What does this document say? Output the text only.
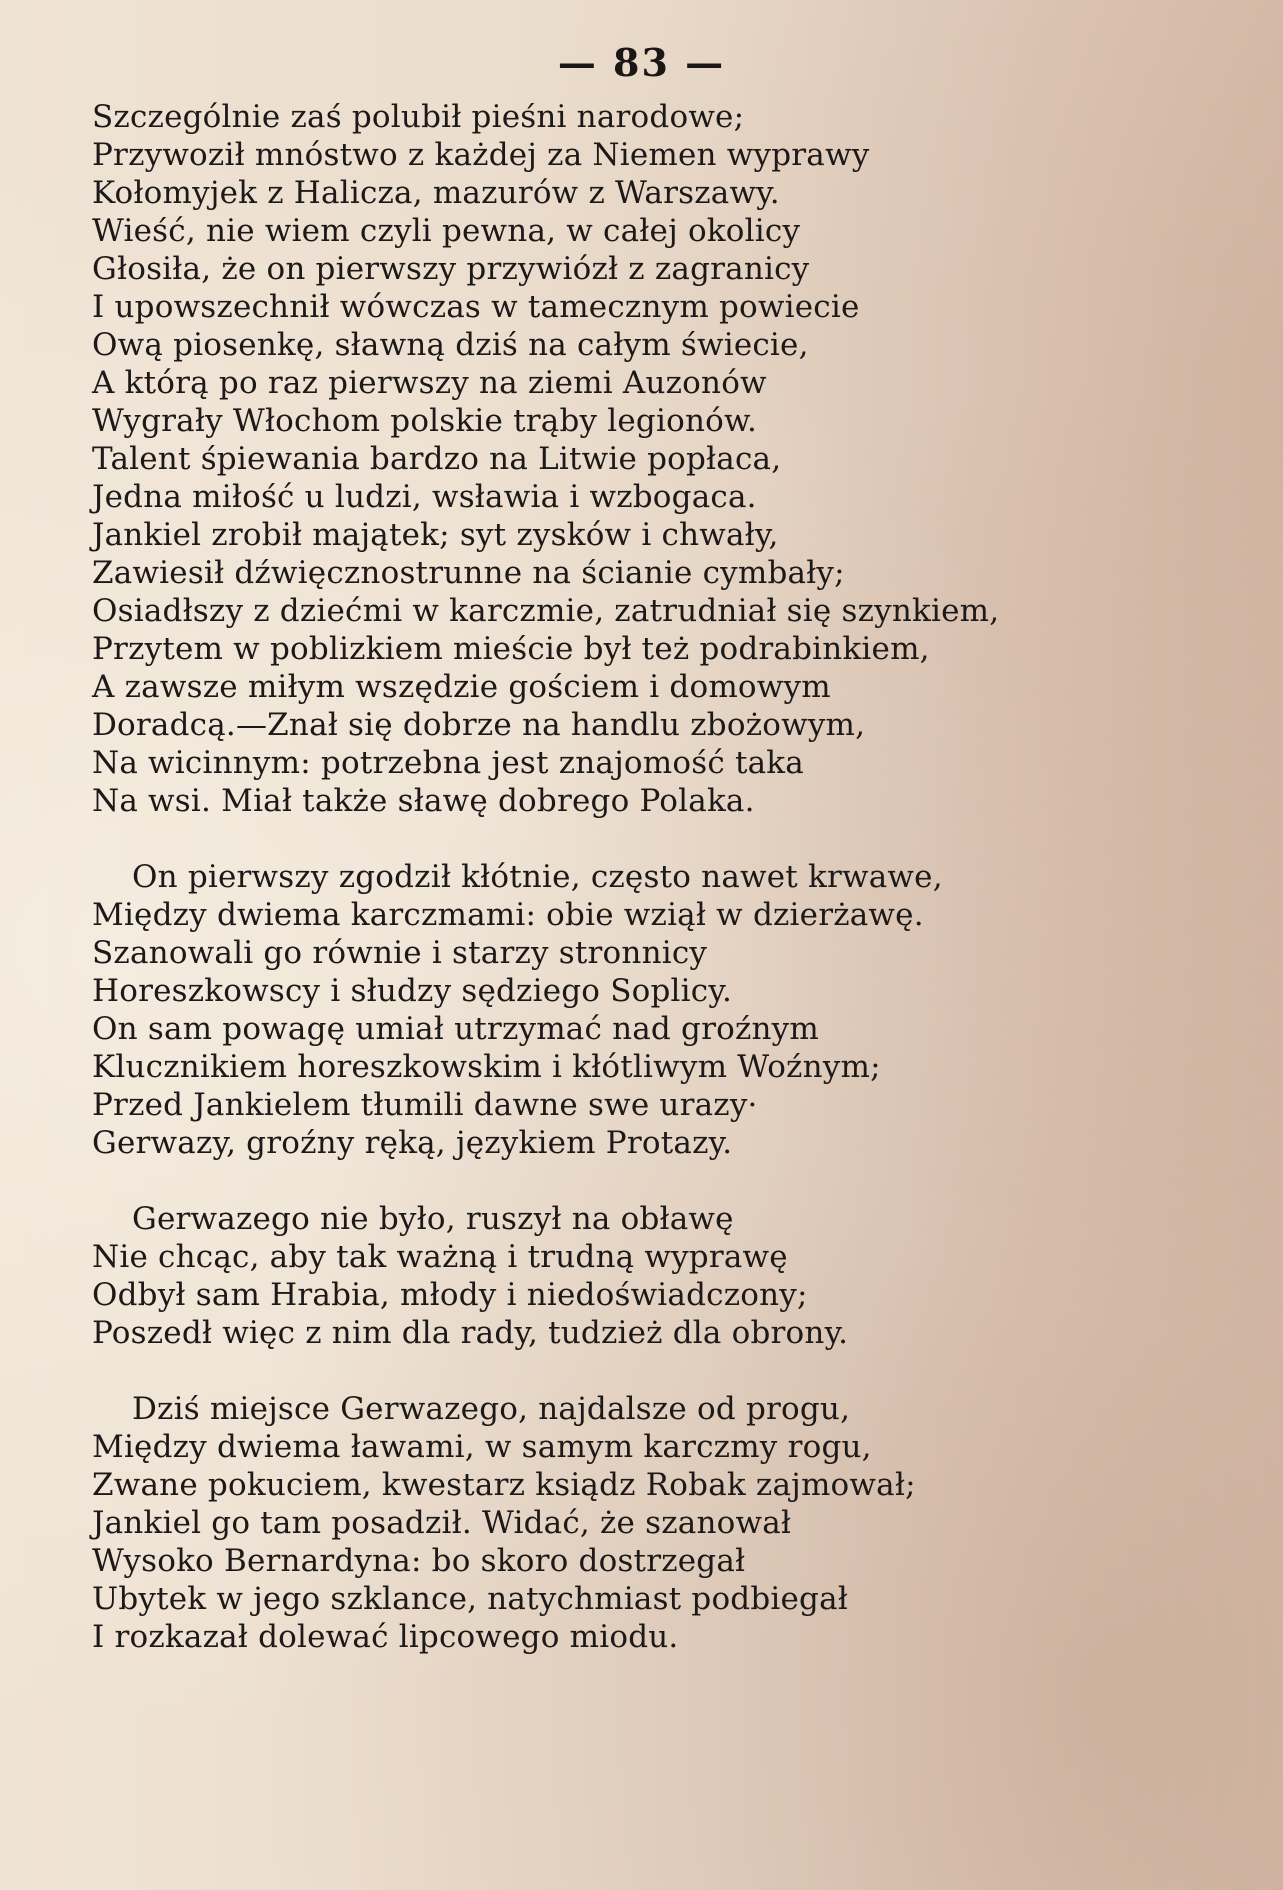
— 83 —
Szczególnie zaś polubił pieśni narodowe;
Przywoził mnóstwo z każdej za Niemen wyprawy
Kołomyjek z Halicza, mazurów z Warszawy.
Wieść, nie wiem czyli pewna, w całej okolicy
Głosiła, że on pierwszy przywiózł z zagranicy
I upowszechnił wówczas w tamecznym powiecie
Ową piosenkę, sławną dziś na całym świecie,
A którą po raz pierwszy na ziemi Auzonów
Wygrały Włochom polskie trąby legionów.
Talent śpiewania bardzo na Litwie popłaca,
Jedna miłość u ludzi, wsławia i wzbogaca.
Jankiel zrobił majątek; syt zysków i chwały,
Zawiesił dźwięcznostrunne na ścianie cymbały;
Osiadłszy z dziećmi w karczmie, zatrudniał się szynkiem,
Przytem w poblizkiem mieście był też podrabinkiem,
A zawsze miłym wszędzie gościem i domowym
Doradcą.—Znał się dobrze na handlu zbożowym,
Na wicinnym: potrzebna jest znajomość taka
Na wsi. Miał także sławę dobrego Polaka.
On pierwszy zgodził kłótnie, często nawet krwawe,
Między dwiema karczmami: obie wziął w dzierżawę.
Szanowali go równie i starzy stronnicy
Horeszkowscy i słudzy sędziego Soplicy.
On sam powagę umiał utrzymać nad groźnym
Klucznikiem horeszkowskim i kłótliwym Woźnym;
Przed Jankielem tłumili dawne swe urazy·
Gerwazy, groźny ręką, językiem Protazy.
Gerwazego nie było, ruszył na obławę
Nie chcąc, aby tak ważną i trudną wyprawę
Odbył sam Hrabia, młody i niedoświadczony;
Poszedł więc z nim dla rady, tudzież dla obrony.
Dziś miejsce Gerwazego, najdalsze od progu,
Między dwiema ławami, w samym karczmy rogu,
Zwane pokuciem, kwestarz ksiądz Robak zajmował;
Jankiel go tam posadził. Widać, że szanował
Wysoko Bernardyna: bo skoro dostrzegał
Ubytek w jego szklance, natychmiast podbiegał
I rozkazał dolewać lipcowego miodu.
